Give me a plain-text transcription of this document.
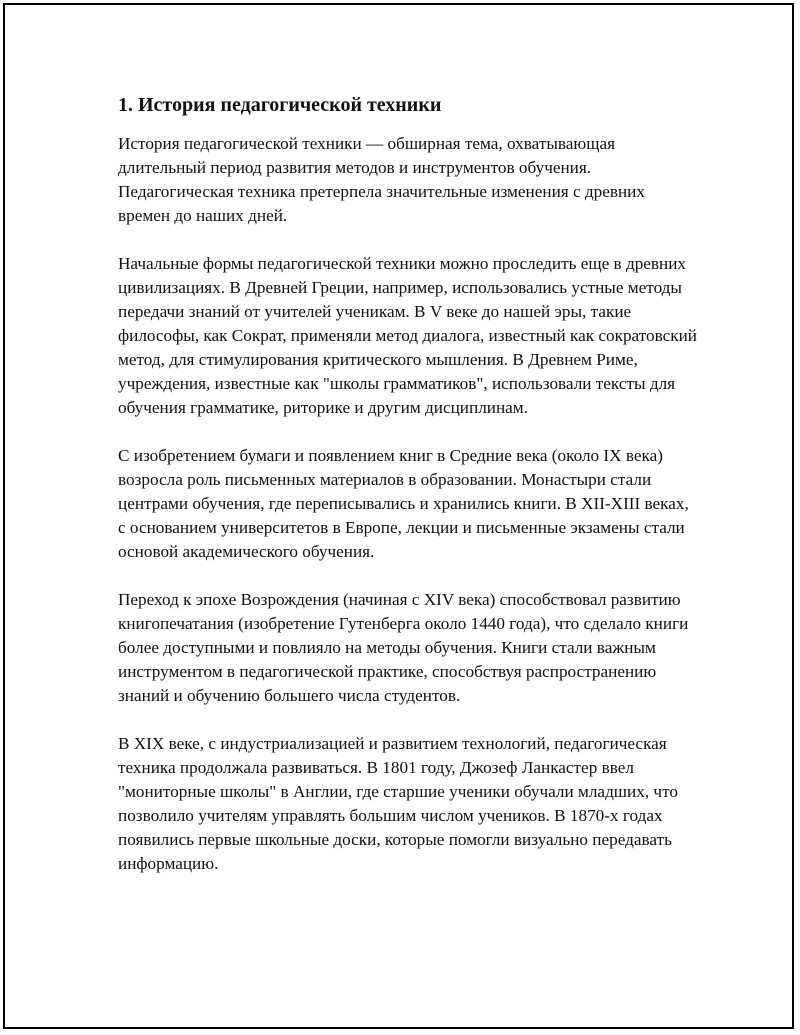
1. История педагогической техники

История педагогической техники — обширная тема, охватывающая длительный период развития методов и инструментов обучения. Педагогическая техника претерпела значительные изменения с древних времен до наших дней.

Начальные формы педагогической техники можно проследить еще в древних цивилизациях. В Древней Греции, например, использовались устные методы передачи знаний от учителей ученикам. В V веке до нашей эры, такие философы, как Сократ, применяли метод диалога, известный как сократовский метод, для стимулирования критического мышления. В Древнем Риме, учреждения, известные как "школы грамматиков", использовали тексты для обучения грамматике, риторике и другим дисциплинам.

С изобретением бумаги и появлением книг в Средние века (около IX века) возросла роль письменных материалов в образовании. Монастыри стали центрами обучения, где переписывались и хранились книги. В XII-XIII веках, с основанием университетов в Европе, лекции и письменные экзамены стали основой академического обучения.

Переход к эпохе Возрождения (начиная с XIV века) способствовал развитию книгопечатания (изобретение Гутенберга около 1440 года), что сделало книги более доступными и повлияло на методы обучения. Книги стали важным инструментом в педагогической практике, способствуя распространению знаний и обучению большего числа студентов.

В XIX веке, с индустриализацией и развитием технологий, педагогическая техника продолжала развиваться. В 1801 году, Джозеф Ланкастер ввел "мониторные школы" в Англии, где старшие ученики обучали младших, что позволило учителям управлять большим числом учеников. В 1870-х годах появились первые школьные доски, которые помогли визуально передавать информацию.
